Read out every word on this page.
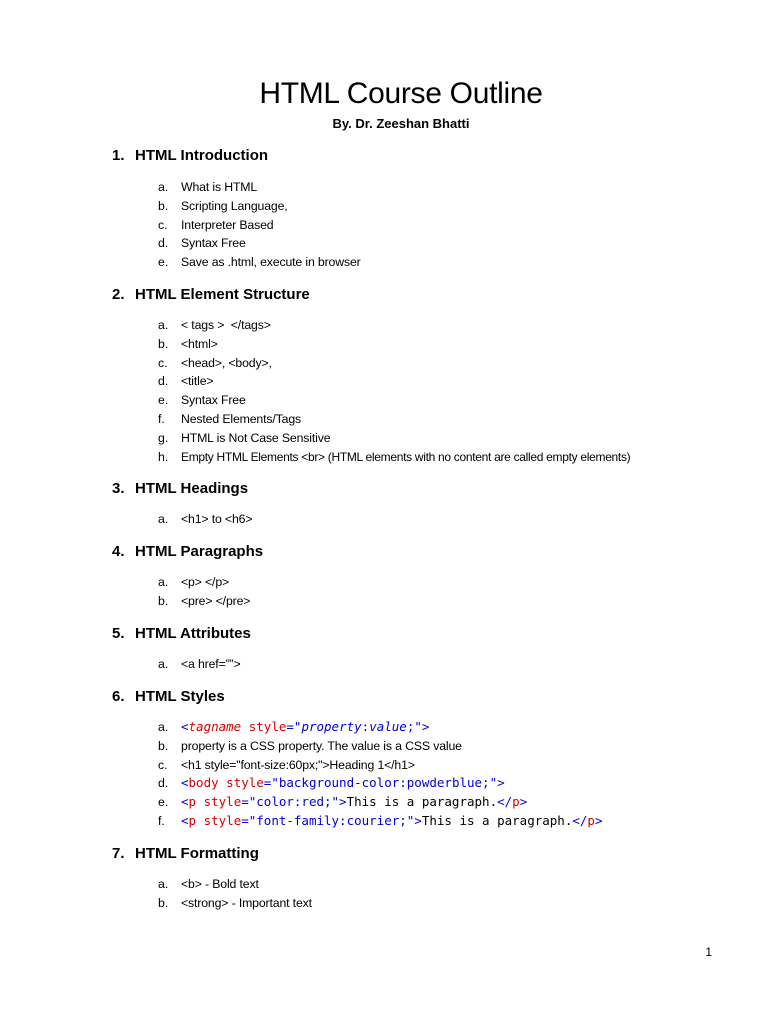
HTML Course Outline
By. Dr. Zeeshan Bhatti
1. HTML Introduction
a. What is HTML
b. Scripting Language,
c. Interpreter Based
d. Syntax Free
e. Save as .html, execute in browser
2. HTML Element Structure
a. < tags >  </tags>
b. <html>
c. <head>, <body>,
d. <title>
e. Syntax Free
f. Nested Elements/Tags
g. HTML is Not Case Sensitive
h. Empty HTML Elements <br> (HTML elements with no content are called empty elements)
3. HTML Headings
a. <h1> to <h6>
4. HTML Paragraphs
a. <p> </p>
b. <pre> </pre>
5. HTML Attributes
a. <a href=””>
6. HTML Styles
a. <tagname style="property:value;">
b. property is a CSS property. The value is a CSS value
c. <h1 style="font-size:60px;">Heading 1</h1>
d. <body style="background-color:powderblue;">
e. <p style="color:red;">This is a paragraph.</p>
f. <p style="font-family:courier;">This is a paragraph.</p>
7. HTML Formatting
a. <b> - Bold text
b. <strong> - Important text
1
